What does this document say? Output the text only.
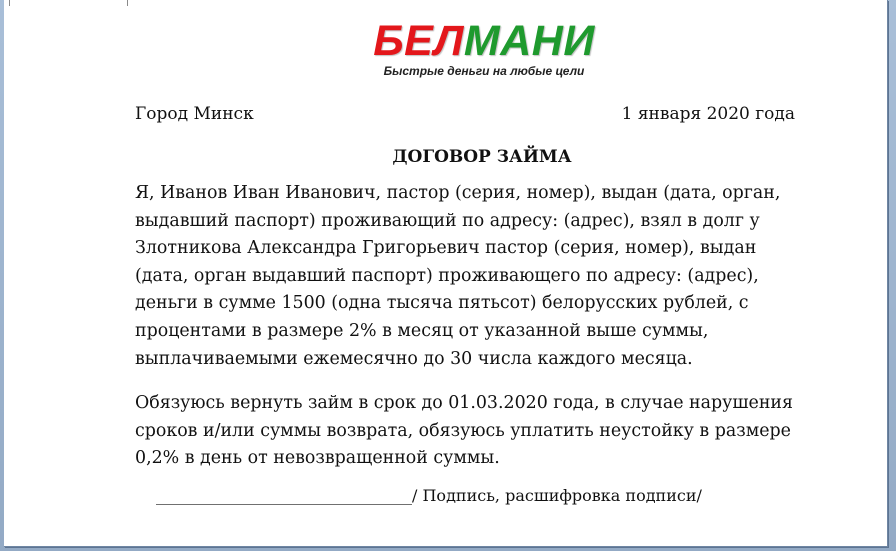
БЕЛМАНИ
Быстрые деньги на любые цели
Город Минск	1 января 2020 года
ДОГОВОР ЗАЙМА
Я, Иванов Иван Иванович, пастор (серия, номер), выдан (дата, орган,
выдавший паспорт) проживающий по адресу: (адрес), взял в долг у
Злотникова Александра Григорьевич пастор (серия, номер), выдан
(дата, орган выдавший паспорт) проживающего по адресу: (адрес),
деньги в сумме 1500 (одна тысяча пятьсот) белорусских рублей, с
процентами в размере 2% в месяц от указанной выше суммы,
выплачиваемыми ежемесячно до 30 числа каждого месяца.
Обязуюсь вернуть займ в срок до 01.03.2020 года, в случае нарушения
сроков и/или суммы возврата, обязуюсь уплатить неустойку в размере
0,2% в день от невозвращенной суммы.
________________________________/ Подпись, расшифровка подписи/
